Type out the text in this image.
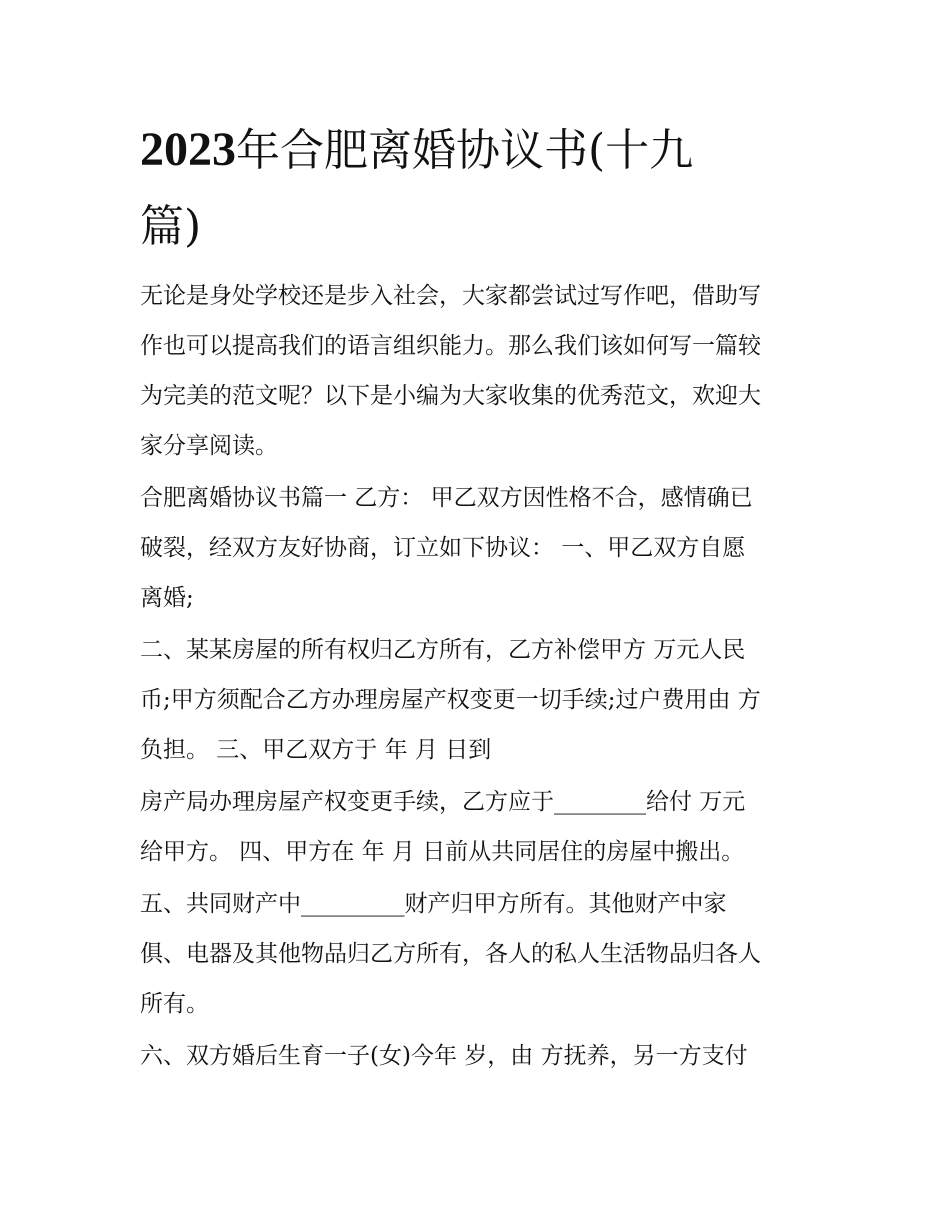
2023年合肥离婚协议书(十九
篇)
无论是身处学校还是步入社会，大家都尝试过写作吧，借助写
作也可以提高我们的语言组织能力。那么我们该如何写一篇较
为完美的范文呢？以下是小编为大家收集的优秀范文，欢迎大
家分享阅读。
合肥离婚协议书篇一 乙方： 甲乙双方因性格不合，感情确已
破裂，经双方友好协商，订立如下协议： 一、甲乙双方自愿
离婚;
二、某某房屋的所有权归乙方所有，乙方补偿甲方 万元人民
币;甲方须配合乙方办理房屋产权变更一切手续;过户费用由 方
负担。 三、甲乙双方于 年 月 日到
房产局办理房屋产权变更手续，乙方应于________给付 万元
给甲方。 四、甲方在 年 月 日前从共同居住的房屋中搬出。
五、共同财产中_________财产归甲方所有。其他财产中家
俱、电器及其他物品归乙方所有，各人的私人生活物品归各人
所有。
六、双方婚后生育一子(女)今年 岁，由 方抚养，另一方支付
